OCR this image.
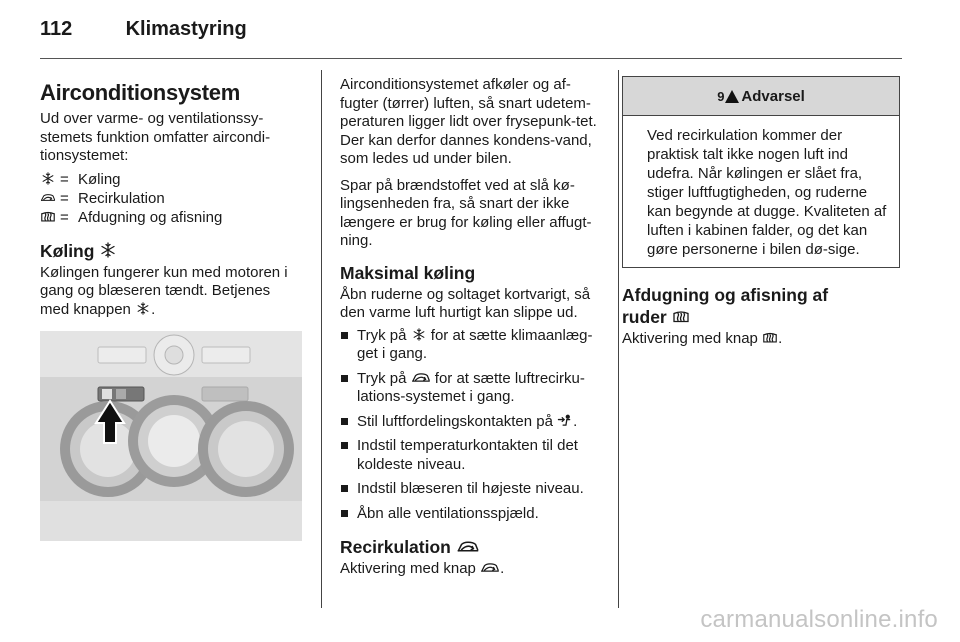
112	Klimastyring
Airconditionsystem

Ud over varme- og ventilationssy-stemets funktion omfatter aircondi-tionsystemet:

= Køling
= Recirkulation
= Afdugning og afisning
Køling

Kølingen fungerer kun med motoren i gang og blæseren tændt. Betjenes med knappen .

Airconditionsystemet afkøler og af-fugter (tørrer) luften, så snart udetem-peraturen ligger lidt over frysepunk-tet. Der kan derfor dannes kondens-vand, som ledes ud under bilen.

Spar på brændstoffet ved at slå kø-lingsenheden fra, så snart der ikke længere er brug for køling eller affugt-ning.

Maksimal køling

Åbn ruderne og soltaget kortvarigt, så den varme luft hurtigt kan slippe ud.

Tryk på for at sætte klimaanlæg-get i gang.
Tryk på for at sætte luftrecirku-lations-systemet i gang.
Stil luftfordelingskontakten på .
Indstil temperaturkontakten til det koldeste niveau.
Indstil blæseren til højeste niveau.
Åbn alle ventilationsspjæld.
Recirkulation

Aktivering med knap .

9 Advarsel
Ved recirkulation kommer der praktisk talt ikke nogen luft ind udefra. Når kølingen er slået fra, stiger luftfugtigheden, og ruderne kan begynde at dugge. Kvaliteten af luften i kabinen falder, og det kan gøre personerne i bilen dø-sige.
Afdugning og afisning af
ruder

Aktivering med knap .

carmanualsonline.info
